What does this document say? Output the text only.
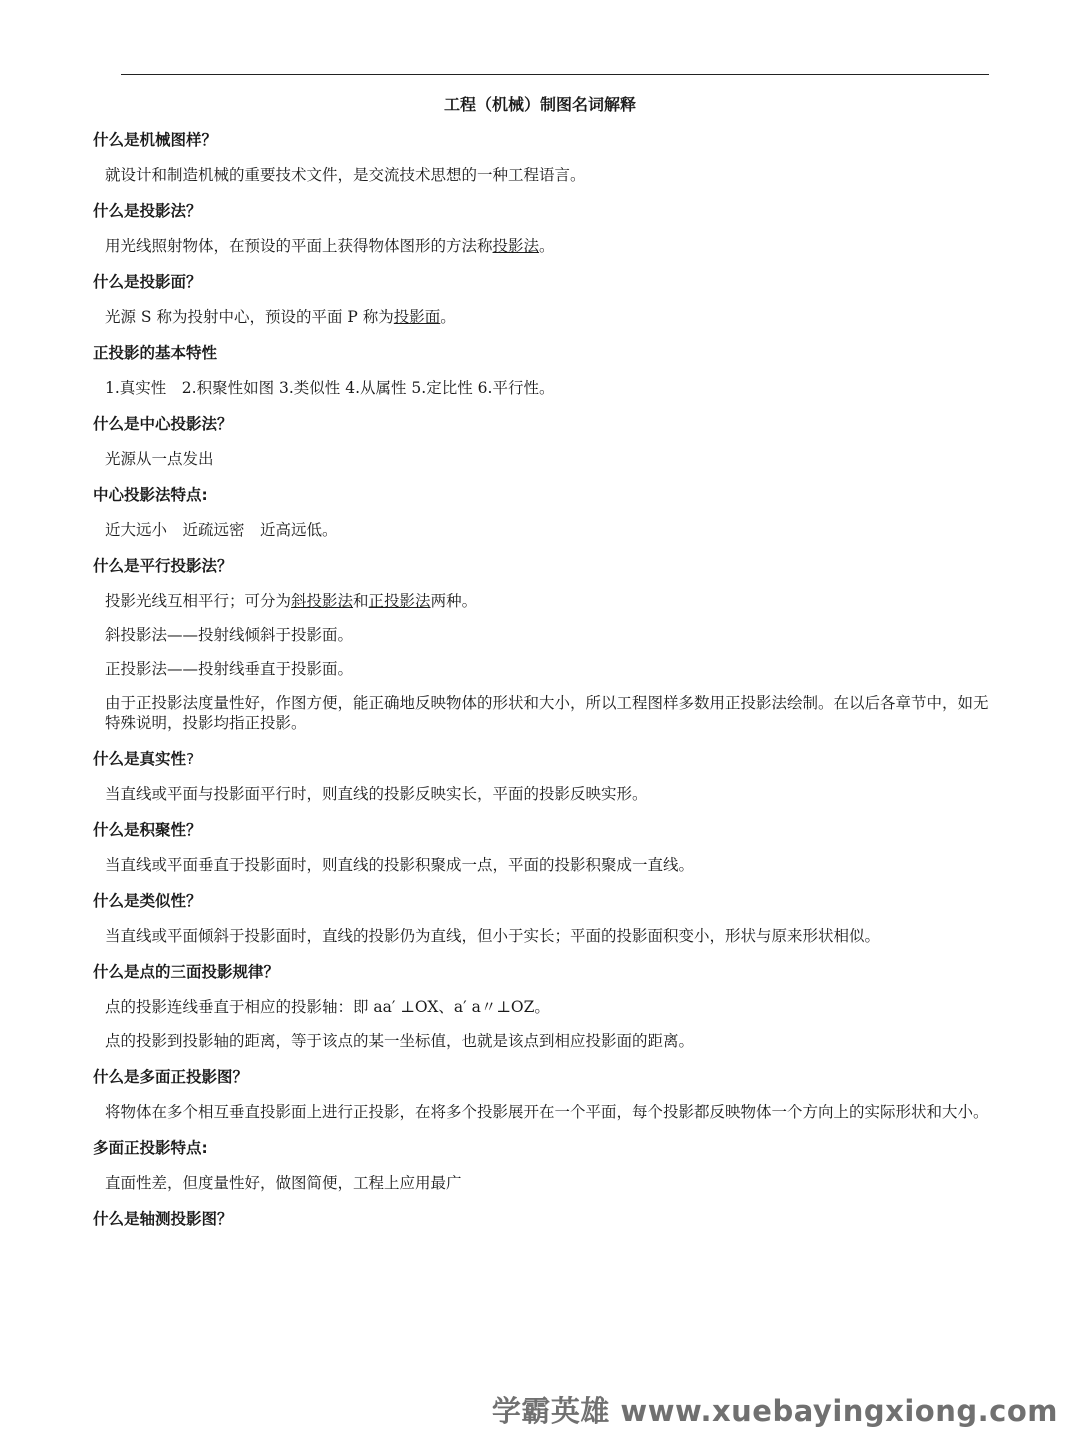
工程（机械）制图名词解释

什么是机械图样？

就设计和制造机械的重要技术文件，是交流技术思想的一种工程语言。

什么是投影法？

用光线照射物体，在预设的平面上获得物体图形的方法称投影法。

什么是投影面？

光源 S 称为投射中心，预设的平面 P 称为投影面。

正投影的基本特性

1.真实性　2.积聚性如图 3.类似性 4.从属性 5.定比性 6.平行性。

什么是中心投影法？

光源从一点发出

中心投影法特点:

近大远小　近疏远密　近高远低。

什么是平行投影法？

投影光线互相平行；可分为斜投影法和正投影法两种。

斜投影法——投射线倾斜于投影面。

正投影法——投射线垂直于投影面。

由于正投影法度量性好，作图方便，能正确地反映物体的形状和大小，所以工程图样多数用正投影法绘制。在以后各章节中，如无特殊说明，投影均指正投影。

什么是真实性?

当直线或平面与投影面平行时，则直线的投影反映实长，平面的投影反映实形。

什么是积聚性？

当直线或平面垂直于投影面时，则直线的投影积聚成一点，平面的投影积聚成一直线。

什么是类似性？

当直线或平面倾斜于投影面时，直线的投影仍为直线，但小于实长；平面的投影面积变小，形状与原来形状相似。

什么是点的三面投影规律？

点的投影连线垂直于相应的投影轴：即 aa′ ⊥OX、a′ a〃⊥OZ。

点的投影到投影轴的距离，等于该点的某一坐标值，也就是该点到相应投影面的距离。

什么是多面正投影图？

将物体在多个相互垂直投影面上进行正投影，在将多个投影展开在一个平面，每个投影都反映物体一个方向上的实际形状和大小。

多面正投影特点:

直面性差，但度量性好，做图简便，工程上应用最广

什么是轴测投影图？

学霸英雄 www.xuebayingxiong.com
